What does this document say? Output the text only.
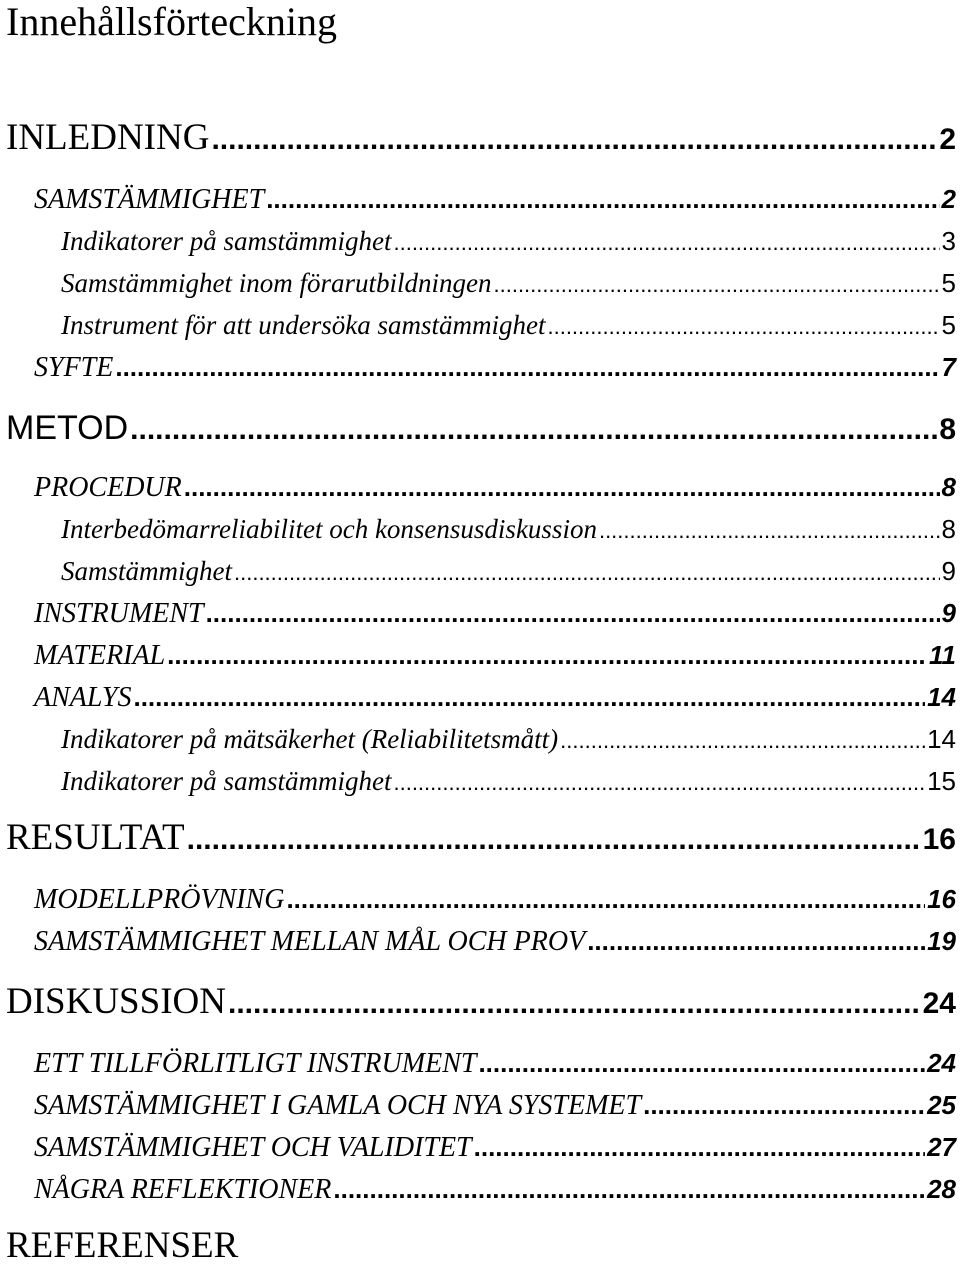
Innehållsförteckning
INLEDNING .....	2
SAMSTÄMMIGHET .....	2
Indikatorer på samstämmighet .....	3
Samstämmighet inom förarutbildningen .....	5
Instrument för att undersöka samstämmighet .....	5
SYFTE .....	7
METOD .....	8
PROCEDUR .....	8
Interbedömarreliabilitet och konsensusdiskussion .....	8
Samstämmighet .....	9
INSTRUMENT .....	9
MATERIAL .....	11
ANALYS .....	14
Indikatorer på mätsäkerhet (Reliabilitetsmått) .....	14
Indikatorer på samstämmighet .....	15
RESULTAT .....	16
MODELLPRÖVNING .....	16
SAMSTÄMMIGHET MELLAN MÅL OCH PROV .....	19
DISKUSSION .....	24
ETT TILLFÖRLITLIGT INSTRUMENT .....	24
SAMSTÄMMIGHET I GAMLA OCH NYA SYSTEMET .....	25
SAMSTÄMMIGHET OCH VALIDITET .....	27
NÅGRA REFLEKTIONER .....	28
REFERENSER
